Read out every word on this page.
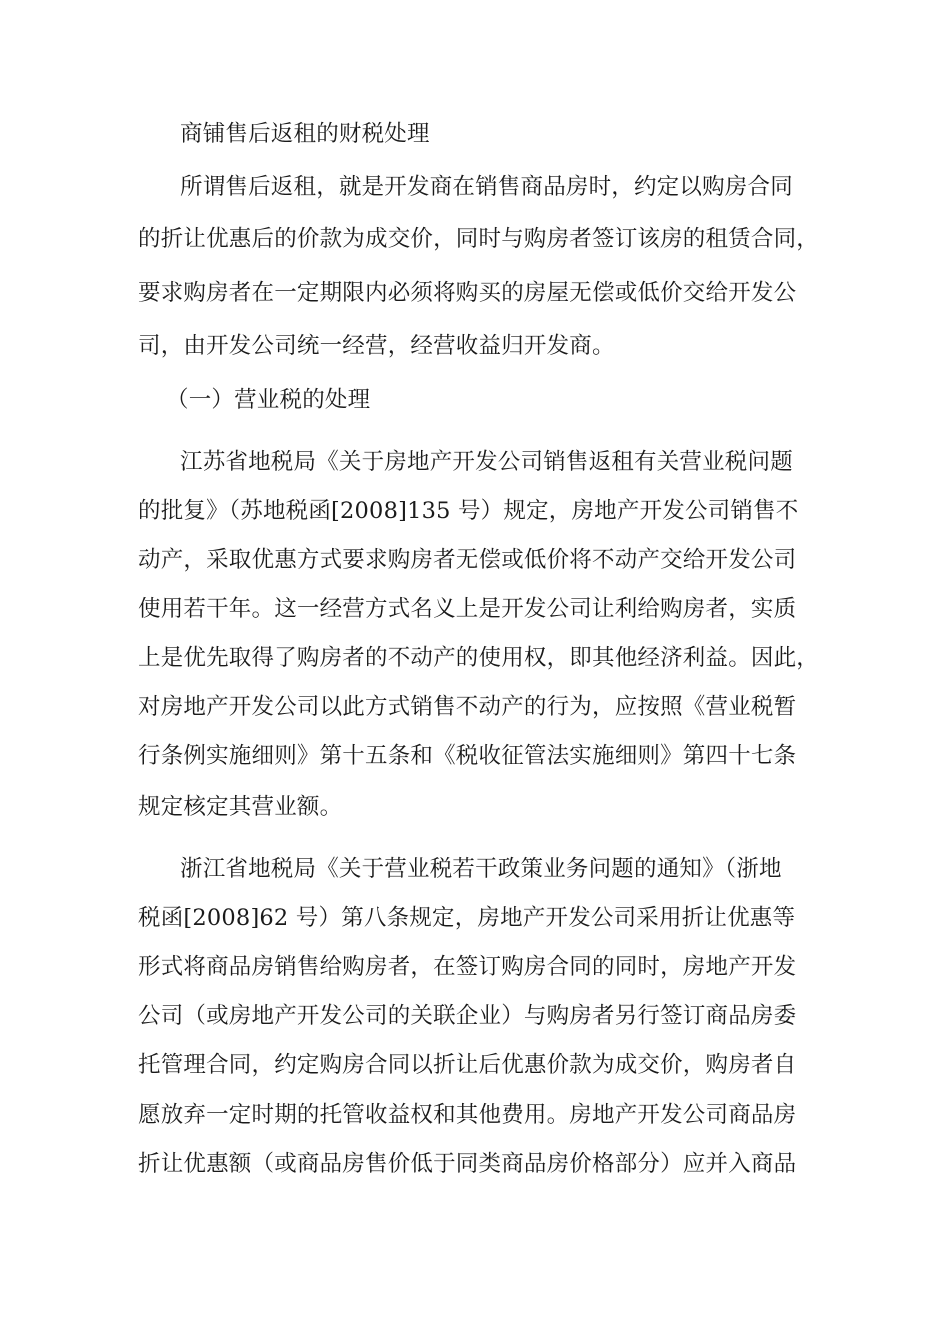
商铺售后返租的财税处理
所谓售后返租，就是开发商在销售商品房时，约定以购房合同
的折让优惠后的价款为成交价，同时与购房者签订该房的租赁合同，
要求购房者在一定期限内必须将购买的房屋无偿或低价交给开发公
司，由开发公司统一经营，经营收益归开发商。
（一）营业税的处理
江苏省地税局《关于房地产开发公司销售返租有关营业税问题
的批复》（苏地税函[2008]135 号）规定，房地产开发公司销售不
动产，采取优惠方式要求购房者无偿或低价将不动产交给开发公司
使用若干年。这一经营方式名义上是开发公司让利给购房者，实质
上是优先取得了购房者的不动产的使用权，即其他经济利益。因此，
对房地产开发公司以此方式销售不动产的行为，应按照《营业税暂
行条例实施细则》第十五条和《税收征管法实施细则》第四十七条
规定核定其营业额。
浙江省地税局《关于营业税若干政策业务问题的通知》（浙地
税函[2008]62 号）第八条规定，房地产开发公司采用折让优惠等
形式将商品房销售给购房者，在签订购房合同的同时，房地产开发
公司（或房地产开发公司的关联企业）与购房者另行签订商品房委
托管理合同，约定购房合同以折让后优惠价款为成交价，购房者自
愿放弃一定时期的托管收益权和其他费用。房地产开发公司商品房
折让优惠额（或商品房售价低于同类商品房价格部分）应并入商品
